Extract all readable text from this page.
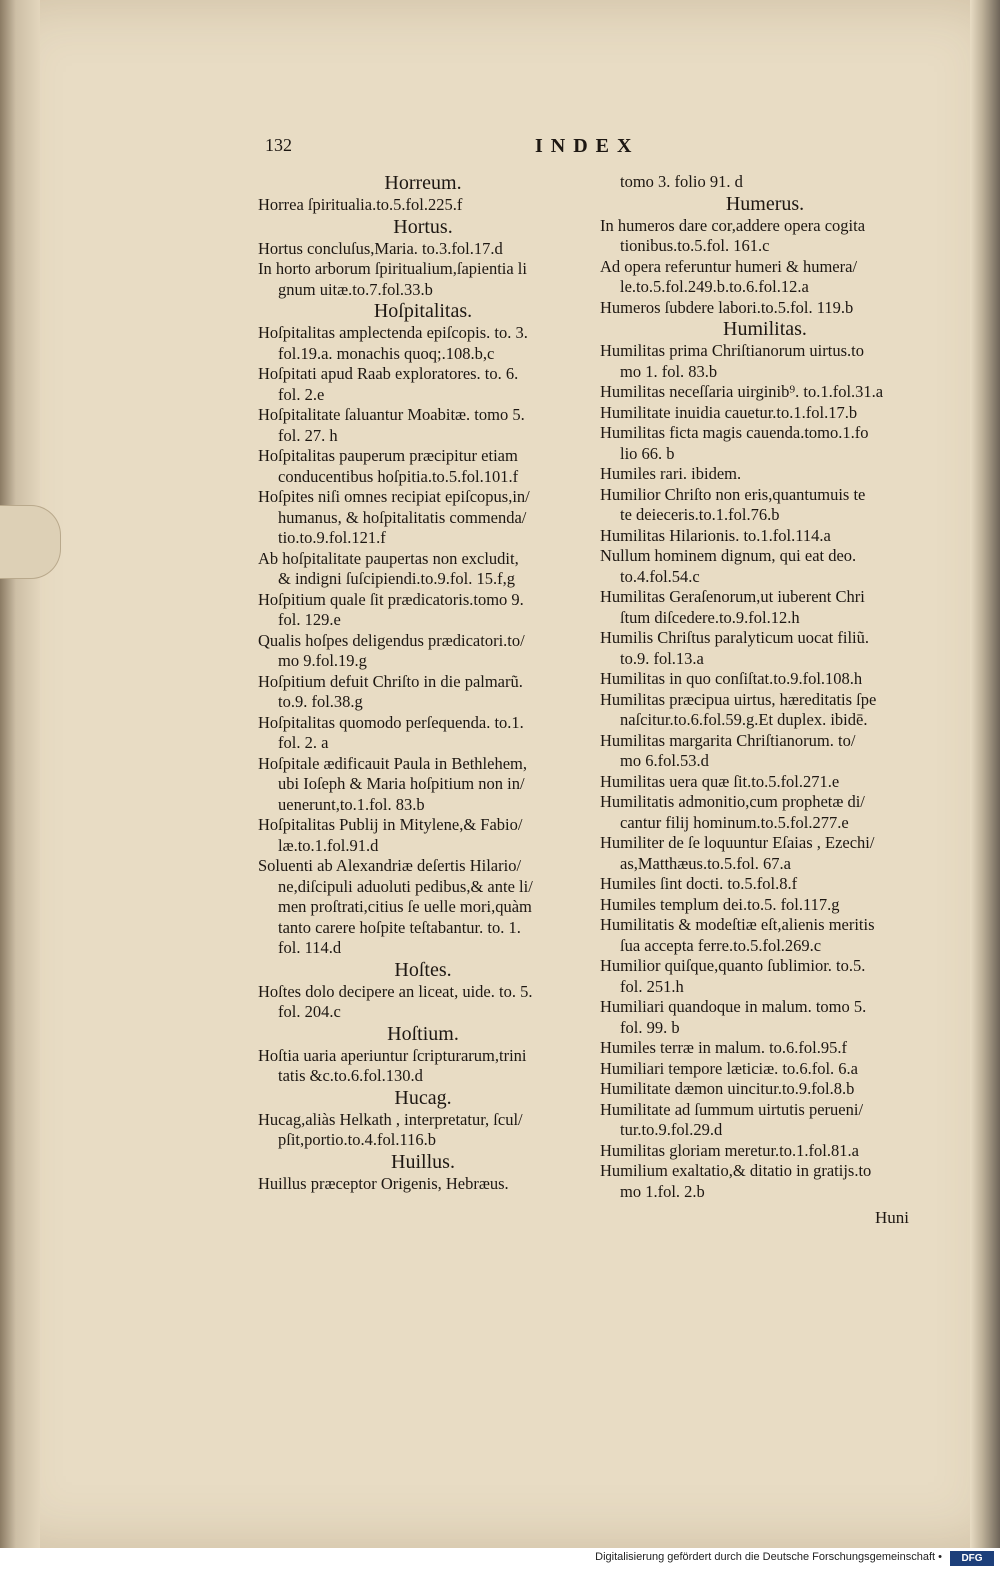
132	INDEX
Horreum.
Horrea ſpiritualia.to.5.fol.225.f
Hortus.
Hortus concluſus,Maria. to.3.fol.17.d
In horto arborum ſpiritualium,ſapientia li
gnum uitæ.to.7.fol.33.b
Hoſpitalitas.
Hoſpitalitas amplectenda epiſcopis. to. 3.
fol.19.a. monachis quoq;.108.b,c
Hoſpitati apud Raab exploratores. to. 6.
fol. 2.e
Hoſpitalitate ſaluantur Moabitæ. tomo 5.
fol. 27. h
Hoſpitalitas pauperum præcipitur etiam
conducentibus hoſpitia.to.5.fol.101.f
Hoſpites niſi omnes recipiat epiſcopus,in/
humanus, & hoſpitalitatis commenda/
tio.to.9.fol.121.f
Ab hoſpitalitate paupertas non excludit,
& indigni ſuſcipiendi.to.9.fol. 15.f,g
Hoſpitium quale ſit prædicatoris.tomo 9.
fol. 129.e
Qualis hoſpes deligendus prædicatori.to/
mo 9.fol.19.g
Hoſpitium defuit Chriſto in die palmarũ.
to.9. fol.38.g
Hoſpitalitas quomodo perſequenda. to.1.
fol. 2. a
Hoſpitale ædificauit Paula in Bethlehem,
ubi Ioſeph & Maria hoſpitium non in/
uenerunt,to.1.fol. 83.b
Hoſpitalitas Publij in Mitylene,& Fabio/
læ.to.1.fol.91.d
Soluenti ab Alexandriæ deſertis Hilario/
ne,diſcipuli aduoluti pedibus,& ante li/
men proſtrati,citius ſe uelle mori,quàm
tanto carere hoſpite teſtabantur. to. 1.
fol. 114.d
Hoſtes.
Hoſtes dolo decipere an liceat, uide. to. 5.
fol. 204.c
Hoſtium.
Hoſtia uaria aperiuntur ſcripturarum,trini
tatis &c.to.6.fol.130.d
Hucag.
Hucag,aliàs Helkath , interpretatur, ſcul/
pſit,portio.to.4.fol.116.b
Huillus.
Huillus præceptor Origenis, Hebræus.
tomo 3. folio 91. d
Humerus.
In humeros dare cor,addere opera cogita
tionibus.to.5.fol. 161.c
Ad opera referuntur humeri & humera/
le.to.5.fol.249.b.to.6.fol.12.a
Humeros ſubdere labori.to.5.fol. 119.b
Humilitas.
Humilitas prima Chriſtianorum uirtus.to
mo 1. fol. 83.b
Humilitas neceſſaria uirginib⁹. to.1.fol.31.a
Humilitate inuidia cauetur.to.1.fol.17.b
Humilitas ficta magis cauenda.tomo.1.fo
lio 66. b
Humiles rari. ibidem.
Humilior Chriſto non eris,quantumuis te
te deieceris.to.1.fol.76.b
Humilitas Hilarionis. to.1.fol.114.a
Nullum hominem dignum, qui eat deo.
to.4.fol.54.c
Humilitas Geraſenorum,ut iuberent Chri
ſtum diſcedere.to.9.fol.12.h
Humilis Chriſtus paralyticum uocat filiũ.
to.9. fol.13.a
Humilitas in quo conſiſtat.to.9.fol.108.h
Humilitas præcipua uirtus, hæreditatis ſpe
naſcitur.to.6.fol.59.g.Et duplex. ibidē.
Humilitas margarita Chriſtianorum. to/
mo 6.fol.53.d
Humilitas uera quæ ſit.to.5.fol.271.e
Humilitatis admonitio,cum prophetæ di/
cantur filij hominum.to.5.fol.277.e
Humiliter de ſe loquuntur Eſaias , Ezechi/
as,Matthæus.to.5.fol. 67.a
Humiles ſint docti. to.5.fol.8.f
Humiles templum dei.to.5. fol.117.g
Humilitatis & modeſtiæ eſt,alienis meritis
ſua accepta ferre.to.5.fol.269.c
Humilior quiſque,quanto ſublimior. to.5.
fol. 251.h
Humiliari quandoque in malum. tomo 5.
fol. 99. b
Humiles terræ in malum. to.6.fol.95.f
Humiliari tempore læticiæ. to.6.fol. 6.a
Humilitate dæmon uincitur.to.9.fol.8.b
Humilitate ad ſummum uirtutis perueni/
tur.to.9.fol.29.d
Humilitas gloriam meretur.to.1.fol.81.a
Humilium exaltatio,& ditatio in gratijs.to
mo 1.fol. 2.b
Huni
Digitalisierung gefördert durch die Deutsche Forschungsgemeinschaft •	DFG
